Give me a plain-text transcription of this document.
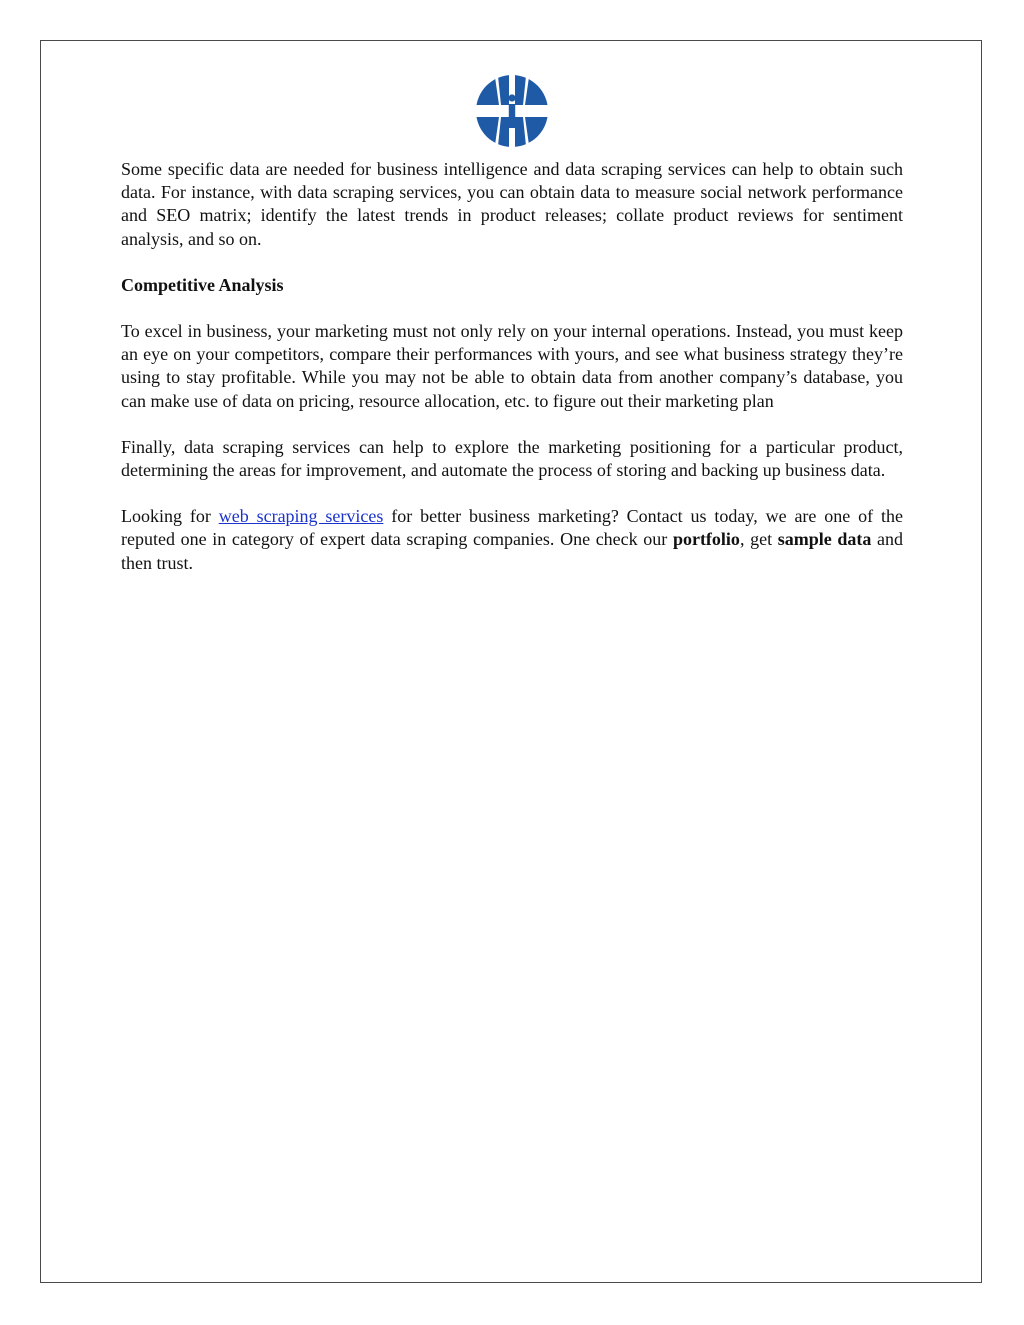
Some specific data are needed for business intelligence and data scraping services can help to obtain such data. For instance, with data scraping services, you can obtain data to measure social network performance and SEO matrix; identify the latest trends in product releases; collate product reviews for sentiment analysis, and so on.

Competitive Analysis

To excel in business, your marketing must not only rely on your internal operations. Instead, you must keep an eye on your competitors, compare their performances with yours, and see what business strategy they’re using to stay profitable. While you may not be able to obtain data from another company’s database, you can make use of data on pricing, resource allocation, etc. to figure out their marketing plan

Finally, data scraping services can help to explore the marketing positioning for a particular product, determining the areas for improvement, and automate the process of storing and backing up business data.

Looking for web scraping services for better business marketing? Contact us today, we are one of the reputed one in category of expert data scraping companies. One check our portfolio, get sample data and then trust.
